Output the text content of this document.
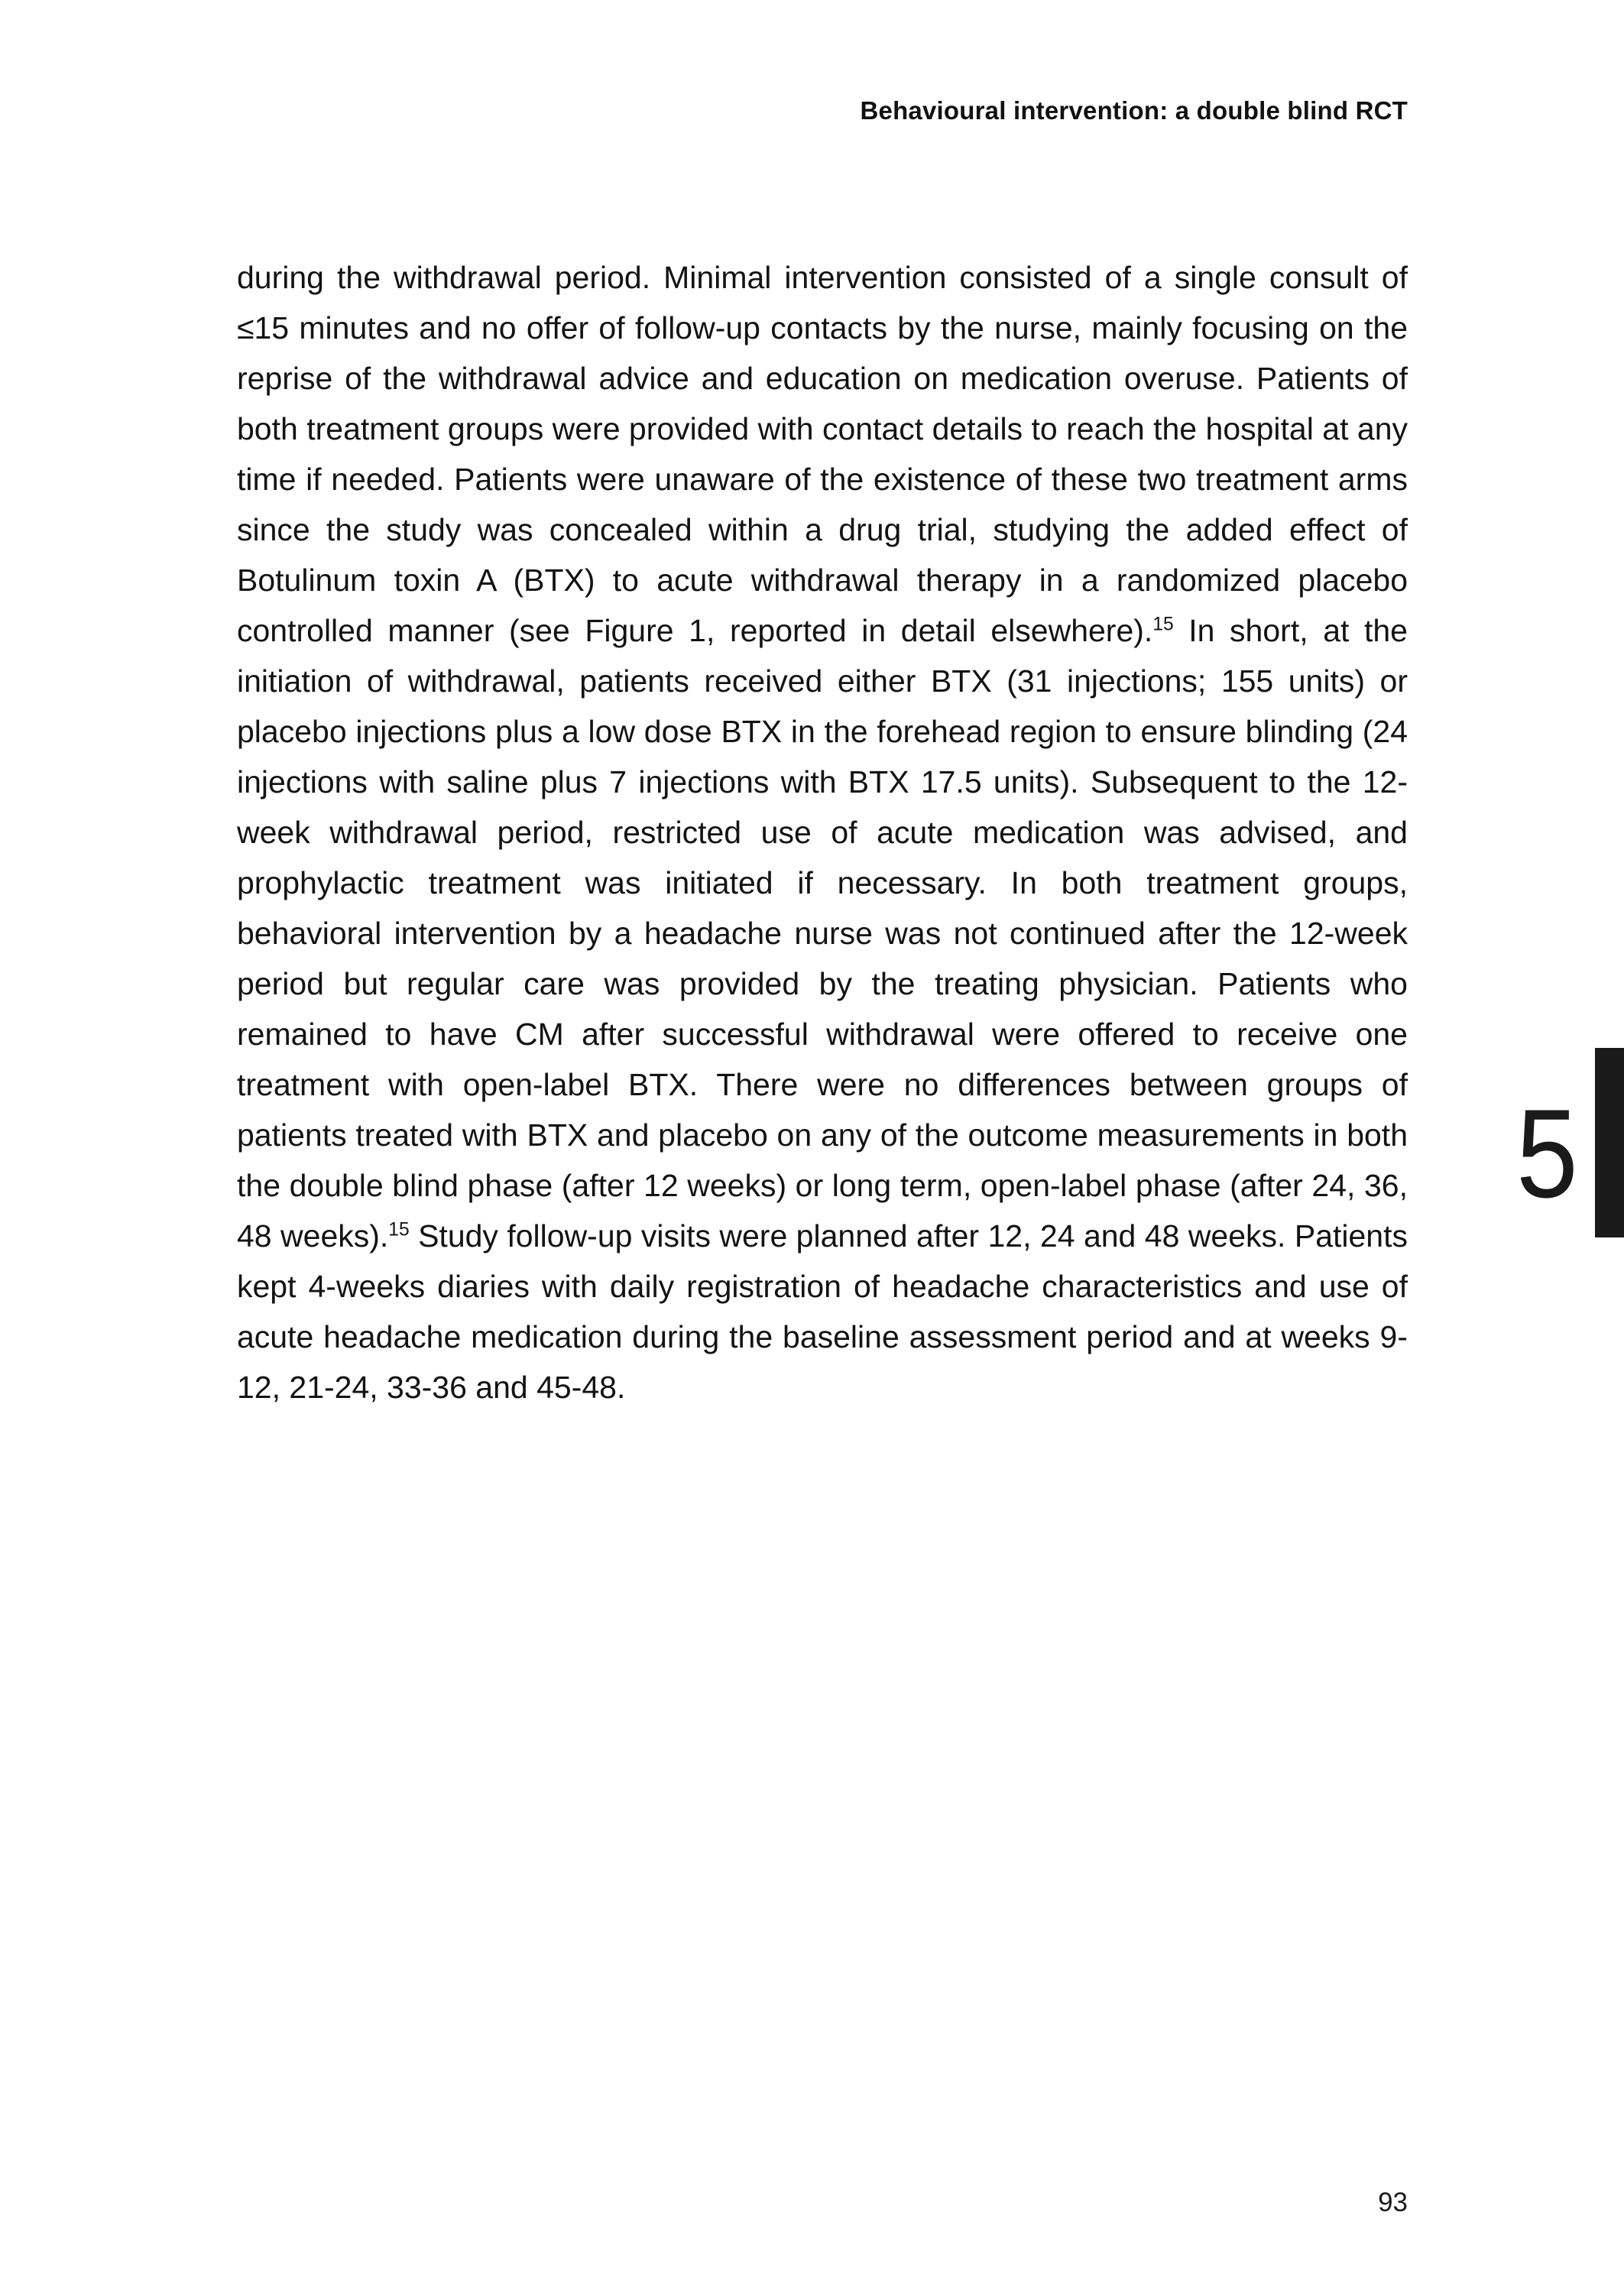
Behavioural intervention: a double blind RCT
during the withdrawal period. Minimal intervention consisted of a single consult of ≤15 minutes and no offer of follow-up contacts by the nurse, mainly focusing on the reprise of the withdrawal advice and education on medication overuse. Patients of both treatment groups were provided with contact details to reach the hospital at any time if needed. Patients were unaware of the existence of these two treatment arms since the study was concealed within a drug trial, studying the added effect of Botulinum toxin A (BTX) to acute withdrawal therapy in a randomized placebo controlled manner (see Figure 1, reported in detail elsewhere).$^{15}$ In short, at the initiation of withdrawal, patients received either BTX (31 injections; 155 units) or placebo injections plus a low dose BTX in the forehead region to ensure blinding (24 injections with saline plus 7 injections with BTX 17.5 units). Subsequent to the 12-week withdrawal period, restricted use of acute medication was advised, and prophylactic treatment was initiated if necessary. In both treatment groups, behavioral intervention by a headache nurse was not continued after the 12-week period but regular care was provided by the treating physician. Patients who remained to have CM after successful withdrawal were offered to receive one treatment with open-label BTX. There were no differences between groups of patients treated with BTX and placebo on any of the outcome measurements in both the double blind phase (after 12 weeks) or long term, open-label phase (after 24, 36, 48 weeks).$^{15}$ Study follow-up visits were planned after 12, 24 and 48 weeks. Patients kept 4-weeks diaries with daily registration of headache characteristics and use of acute headache medication during the baseline assessment period and at weeks 9-12, 21-24, 33-36 and 45-48.
5
93
